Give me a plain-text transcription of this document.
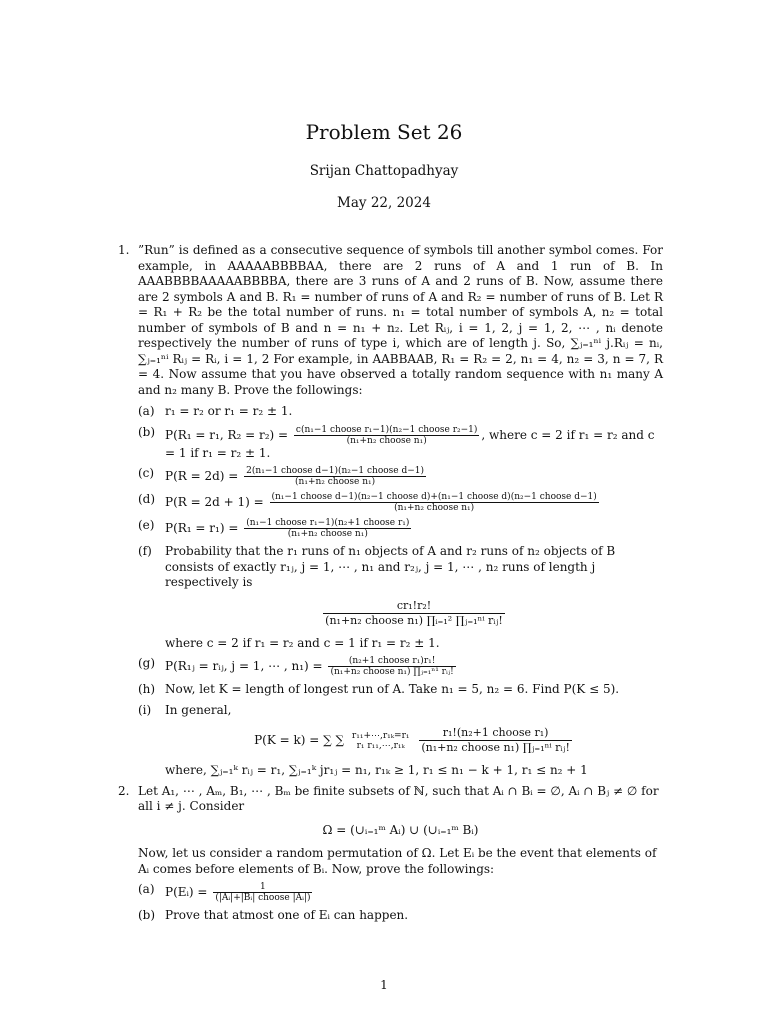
Problem Set 26
Srijan Chattopadhyay
May 22, 2024
1. ”Run” is defined as a consecutive sequence of symbols till another symbol comes. For example, in AAAAABBBBAA, there are 2 runs of A and 1 run of B. In AAABBBBAAAAABBBBA, there are 3 runs of A and 2 runs of B. Now, assume there are 2 symbols A and B. R₁ = number of runs of A and R₂ = number of runs of B. Let R = R₁ + R₂ be the total number of runs. n₁ = total number of symbols A, n₂ = total number of symbols of B and n = n₁ + n₂. Let Rᵢⱼ, i = 1, 2, j = 1, 2, ⋯ , nᵢ denote respectively the number of runs of type i, which are of length j. So, ∑ⱼ₌₁ⁿⁱ j.Rᵢⱼ = nᵢ, ∑ⱼ₌₁ⁿⁱ Rᵢⱼ = Rᵢ, i = 1, 2 For example, in AABBAAB, R₁ = R₂ = 2, n₁ = 4, n₂ = 3, n = 7, R = 4. Now assume that you have observed a totally random sequence with n₁ many A and n₂ many B. Prove the followings:

(a) r₁ = r₂ or r₁ = r₂ ± 1.
(b) P(R₁ = r₁, $R_2 = r_2) = \frac{\text{c(n₁−1 choose r₁−1)(n₂−1 choose r₂−1)}}{\text{(n₁+n₂ choose n₁)}}$ , where c = 2 if r₁ = r₂ and c = 1 if r₁ = r₂ ± 1.
(c) $P(R = 2d) = \frac{\text{2(n₁−1 choose d−1)(n₂−1 choose d−1)}}{\text{(n₁+n₂ choose n₁)}}$
(d) P(R = 2d + 1) = (n₁−1 choose d−1)(n₂−1 choose d)+(n₁−1 choose d)(n₂−1 choose d−1)
(n₁+n₂ choose n₁)
(e) $P(R_1 = r_1) = \frac{\text{(n₁−1 choose r₁−1)(n₂+1 choose r₁)}}{\text{(n₁+n₂ choose n₁)}}$
(f) Probability that the r₁ runs of n₁ objects of A and r₂ runs of n₂ objects of B consists of exactly r₁ⱼ, j = 1, ⋯ , n₁ and r₂ⱼ, j = 1, ⋯ , n₂ runs of length j respectively is
$\frac{\text{cr₁!r₂!}}{\text{(n₁+n₂ choose n₁) ∏ᵢ₌₁² ∏ⱼ₌₁ⁿⁱ rᵢⱼ!}}$
where c = 2 if r₁ = r₂ and c = 1 if r₁ = r₂ ± 1.
(g) P(R₁ⱼ = rᵢⱼ, j = 1, ⋯ , $n_1) = \frac{\text{(n₂+1 choose r₁)r₁!}}{\text{(n₁+n₂ choose n₁) ∏ⱼ₌₁ⁿ¹ rᵢⱼ!}}$
(h) Now, let K = length of longest run of A. Take n₁ = 5, n₂ = 6. Find P(K ≤ 5).
(i) In general,
P(K = k) = ∑ ∑ r₁₁+⋯,r₁ₖ=r₁
r₁ r₁₁,⋯,r₁ₖ
	$\frac{\text{r₁!(n₂+1 choose r₁)}}{\text{(n₁+n₂ choose n₁) ∏ⱼ₌₁ⁿⁱ rᵢⱼ!}}$
where, ∑ⱼ₌₁ᵏ rᵢⱼ = r₁, ∑ⱼ₌₁ᵏ jr₁ⱼ = n₁, r₁ₖ ≥ 1, r₁ ≤ n₁ − k + 1, r₁ ≤ n₂ + 1
2. Let A₁, ⋯ , Aₘ, B₁, ⋯ , Bₘ be finite subsets of ℕ, such that Aᵢ ∩ Bᵢ = ∅, Aᵢ ∩ Bⱼ ≠ ∅ for all i ≠ j. Consider

Ω = (∪ᵢ₌₁ᵐ Aᵢ) ∪ (∪ᵢ₌₁ᵐ Bᵢ)

Now, let us consider a random permutation of Ω. Let Eᵢ be the event that elements of Aᵢ comes before elements of Bᵢ. Now, prove the followings:

(a) P(Eᵢ) = $\frac{1}{\text{(|Aᵢ|+|Bᵢ| choose |Aᵢ|)}}$
(b) Prove that atmost one of Eᵢ can happen.
1
